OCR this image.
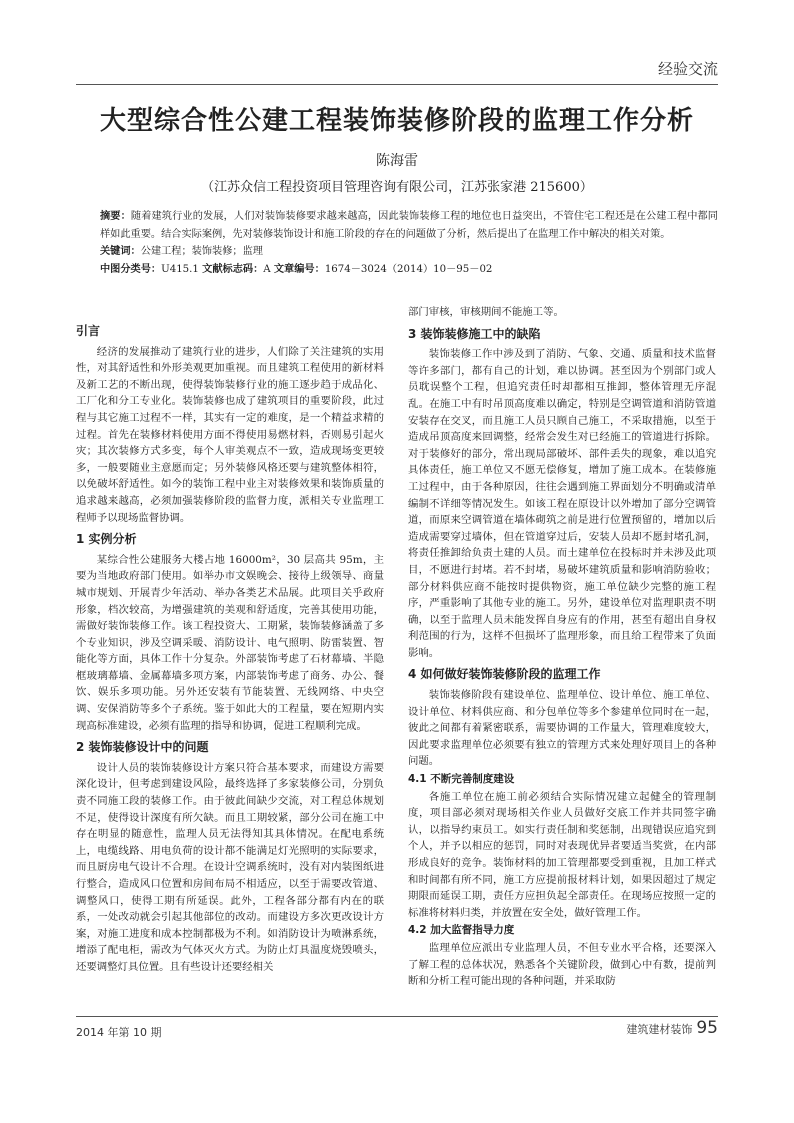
经验交流
大型综合性公建工程装饰装修阶段的监理工作分析
陈海雷
（江苏众信工程投资项目管理咨询有限公司，江苏张家港 215600）

摘要：随着建筑行业的发展，人们对装饰装修要求越来越高，因此装饰装修工程的地位也日益突出，不管住宅工程还是在公建工程中都同样如此重要。结合实际案例，先对装修装饰设计和施工阶段的存在的问题做了分析，然后提出了在监理工作中解决的相关对策。

关键词：公建工程；装饰装修；监理

中图分类号：U415.1 文献标志码：A 文章编号：1674－3024（2014）10－95－02

引言

经济的发展推动了建筑行业的进步，人们除了关注建筑的实用性，对其舒适性和外形美观更加重视。而且建筑工程使用的新材料及新工艺的不断出现，使得装饰装修行业的施工逐步趋于成品化、工厂化和分工专业化。装饰装修也成了建筑项目的重要阶段，此过程与其它施工过程不一样，其实有一定的难度，是一个精益求精的过程。首先在装修材料使用方面不得使用易燃材料，否则易引起火灾；其次装修方式多变，每个人审美观点不一致，造成现场变更较多，一般要随业主意愿而定；另外装修风格还要与建筑整体相符，以免破坏舒适性。如今的装饰工程中业主对装修效果和装饰质量的追求越来越高，必须加强装修阶段的监督力度，派相关专业监理工程师予以现场监督协调。

1 实例分析

某综合性公建服务大楼占地 16000m²，30 层高共 95m，主要为当地政府部门使用。如举办市文娱晚会、接待上级领导、商量城市规划、开展青少年活动、举办各类艺术品展。此项目关乎政府形象，档次较高，为增强建筑的美观和舒适度，完善其使用功能，需做好装饰装修工作。该工程投资大、工期紧，装饰装修涵盖了多个专业知识，涉及空调采暖、消防设计、电气照明、防雷装置、智能化等方面，具体工作十分复杂。外部装饰考虑了石材幕墙、半隐框玻璃幕墙、金属幕墙多项方案，内部装饰考虑了商务、办公、餐饮、娱乐多项功能。另外还安装有节能装置、无线网络、中央空调、安保消防等多个子系统。鉴于如此大的工程量，要在短期内实现高标准建设，必须有监理的指导和协调，促进工程顺利完成。

2 装饰装修设计中的问题

设计人员的装饰装修设计方案只符合基本要求，而建设方需要深化设计，但考虑到建设风险，最终选择了多家装修公司，分别负责不同施工段的装修工作。由于彼此间缺少交流，对工程总体规划不足，使得设计深度有所欠缺。而且工期较紧，部分公司在施工中存在明显的随意性，监理人员无法得知其具体情况。在配电系统上，电缆线路、用电负荷的设计都不能满足灯光照明的实际要求，而且厨房电气设计不合理。在设计空调系统时，没有对内装图纸进行整合，造成风口位置和房间布局不相适应，以至于需要改管道、调整风口，使得工期有所延误。此外，工程各部分都有内在的联系，一处改动就会引起其他部位的改动。而建设方多次更改设计方案，对施工进度和成本控制都极为不利。如消防设计为喷淋系统，增添了配电柜，需改为气体灭火方式。为防止灯具温度烧毁喷头，还要调整灯具位置。且有些设计还要经相关

部门审核，审核期间不能施工等。

3 装饰装修施工中的缺陷

装饰装修工作中涉及到了消防、气象、交通、质量和技术监督等许多部门，都有自己的计划，难以协调。甚至因为个别部门或人员耽误整个工程，但追究责任时却都相互推卸，整体管理无序混乱。在施工中有时吊顶高度难以确定，特别是空调管道和消防管道安装存在交叉，而且施工人员只顾自己施工，不采取措施，以至于造成吊顶高度来回调整，经常会发生对已经施工的管道进行拆除。对于装修好的部分，常出现局部破坏、部件丢失的现象，难以追究具体责任，施工单位又不愿无偿修复，增加了施工成本。在装修施工过程中，由于各种原因，往往会遇到施工界面划分不明确或清单编制不详细等情况发生。如该工程在原设计以外增加了部分空调管道，而原来空调管道在墙体砌筑之前是进行位置预留的，增加以后造成需要穿过墙体，但在管道穿过后，安装人员却不愿封堵孔洞，将责任推卸给负责土建的人员。而土建单位在投标时并未涉及此项目，不愿进行封堵。若不封堵，易破坏建筑质量和影响消防验收；部分材料供应商不能按时提供物资，施工单位缺少完整的施工程序，严重影响了其他专业的施工。另外，建设单位对监理职责不明确，以至于监理人员未能发挥自身应有的作用，甚至有超出自身权利范围的行为，这样不但损坏了监理形象，而且给工程带来了负面影响。

4 如何做好装饰装修阶段的监理工作

装饰装修阶段有建设单位、监理单位、设计单位、施工单位、设计单位、材料供应商、和分包单位等多个参建单位同时在一起，彼此之间都有着紧密联系，需要协调的工作量大，管理难度较大，因此要求监理单位必须要有独立的管理方式来处理好项目上的各种问题。

4.1 不断完善制度建设

各施工单位在施工前必须结合实际情况建立起健全的管理制度，项目部必须对现场相关作业人员做好交底工作并共同签字确认，以指导约束员工。如实行责任制和奖惩制，出现错误应追究到个人，并予以相应的惩罚，同时对表现优异者要适当奖赏，在内部形成良好的竞争。装饰材料的加工管理都要受到重视，且加工样式和时间都有所不同，施工方应提前报材料计划，如果因超过了规定期限而延误工期，责任方应担负起全部责任。在现场应按照一定的标准将材料归类，并放置在安全处，做好管理工作。

4.2 加大监督指导力度

监理单位应派出专业监理人员，不但专业水平合格，还要深入了解工程的总体状况，熟悉各个关键阶段，做到心中有数，提前判断和分析工程可能出现的各种问题，并采取防

2014 年第 10 期	建筑建材装饰 95
